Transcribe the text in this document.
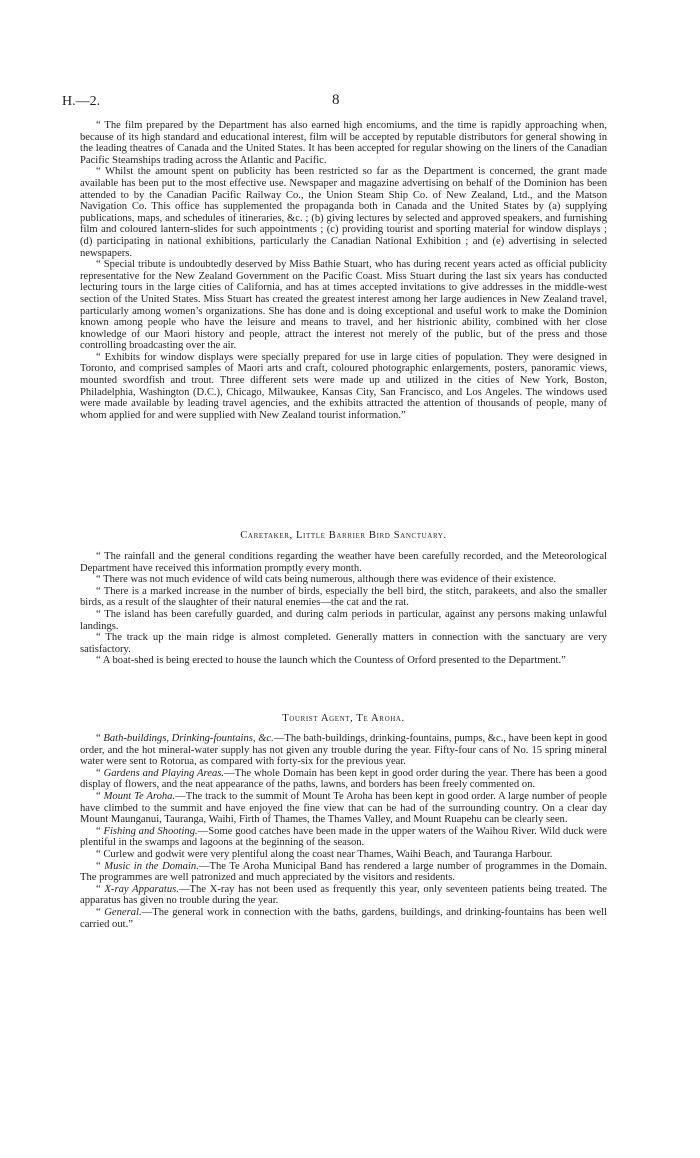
H.—2.	8

“ The film prepared by the Department has also earned high encomiums, and the time is rapidly approaching when, because of its high standard and educational interest, film will be accepted by reputable distributors for general showing in the leading theatres of Canada and the United States. It has been accepted for regular showing on the liners of the Canadian Pacific Steamships trading across the Atlantic and Pacific.

“ Whilst the amount spent on publicity has been restricted so far as the Department is concerned, the grant made available has been put to the most effective use. Newspaper and magazine advertising on behalf of the Dominion has been attended to by the Canadian Pacific Railway Co., the Union Steam Ship Co. of New Zealand, Ltd., and the Matson Navigation Co. This office has supplemented the propaganda both in Canada and the United States by (a) supplying publications, maps, and schedules of itineraries, &c. ; (b) giving lectures by selected and approved speakers, and furnishing film and coloured lantern-slides for such appointments ; (c) providing tourist and sporting material for window displays ; (d) participating in national exhibitions, particularly the Canadian National Exhibition ; and (e) advertising in selected newspapers.

“ Special tribute is undoubtedly deserved by Miss Bathie Stuart, who has during recent years acted as official publicity representative for the New Zealand Government on the Pacific Coast. Miss Stuart during the last six years has conducted lecturing tours in the large cities of California, and has at times accepted invitations to give addresses in the middle-west section of the United States. Miss Stuart has created the greatest interest among her large audiences in New Zealand travel, particularly among women’s organizations. She has done and is doing exceptional and useful work to make the Dominion known among people who have the leisure and means to travel, and her histrionic ability, combined with her close knowledge of our Maori history and people, attract the interest not merely of the public, but of the press and those controlling broadcasting over the air.

“ Exhibits for window displays were specially prepared for use in large cities of population. They were designed in Toronto, and comprised samples of Maori arts and craft, coloured photographic enlargements, posters, panoramic views, mounted swordfish and trout. Three different sets were made up and utilized in the cities of New York, Boston, Philadelphia, Washington (D.C.), Chicago, Milwaukee, Kansas City, San Francisco, and Los Angeles. The windows used were made available by leading travel agencies, and the exhibits attracted the attention of thousands of people, many of whom applied for and were supplied with New Zealand tourist information.”

Caretaker, Little Barrier Bird Sanctuary.

“ The rainfall and the general conditions regarding the weather have been carefully recorded, and the Meteorological Department have received this information promptly every month.

“ There was not much evidence of wild cats being numerous, although there was evidence of their existence.

“ There is a marked increase in the number of birds, especially the bell bird, the stitch, parakeets, and also the smaller birds, as a result of the slaughter of their natural enemies—the cat and the rat.

“ The island has been carefully guarded, and during calm periods in particular, against any persons making unlawful landings.

“ The track up the main ridge is almost completed. Generally matters in connection with the sanctuary are very satisfactory.

“ A boat-shed is being erected to house the launch which the Countess of Orford presented to the Department.”

Tourist Agent, Te Aroha.

“ Bath-buildings, Drinking-fountains, &c.—The bath-buildings, drinking-fountains, pumps, &c., have been kept in good order, and the hot mineral-water supply has not given any trouble during the year. Fifty-four cans of No. 15 spring mineral water were sent to Rotorua, as compared with forty-six for the previous year.

“ Gardens and Playing Areas.—The whole Domain has been kept in good order during the year. There has been a good display of flowers, and the neat appearance of the paths, lawns, and borders has been freely commented on.

“ Mount Te Aroha.—The track to the summit of Mount Te Aroha has been kept in good order. A large number of people have climbed to the summit and have enjoyed the fine view that can be had of the surrounding country. On a clear day Mount Maunganui, Tauranga, Waihi, Firth of Thames, the Thames Valley, and Mount Ruapehu can be clearly seen.

“ Fishing and Shooting.—Some good catches have been made in the upper waters of the Waihou River. Wild duck were plentiful in the swamps and lagoons at the beginning of the season.

“ Curlew and godwit were very plentiful along the coast near Thames, Waihi Beach, and Tauranga Harbour.

“ Music in the Domain.—The Te Aroha Municipal Band has rendered a large number of programmes in the Domain. The programmes are well patronized and much appreciated by the visitors and residents.

“ X-ray Apparatus.—The X-ray has not been used as frequently this year, only seventeen patients being treated. The apparatus has given no trouble during the year.

“ General.—The general work in connection with the baths, gardens, buildings, and drinking-fountains has been well carried out.”
